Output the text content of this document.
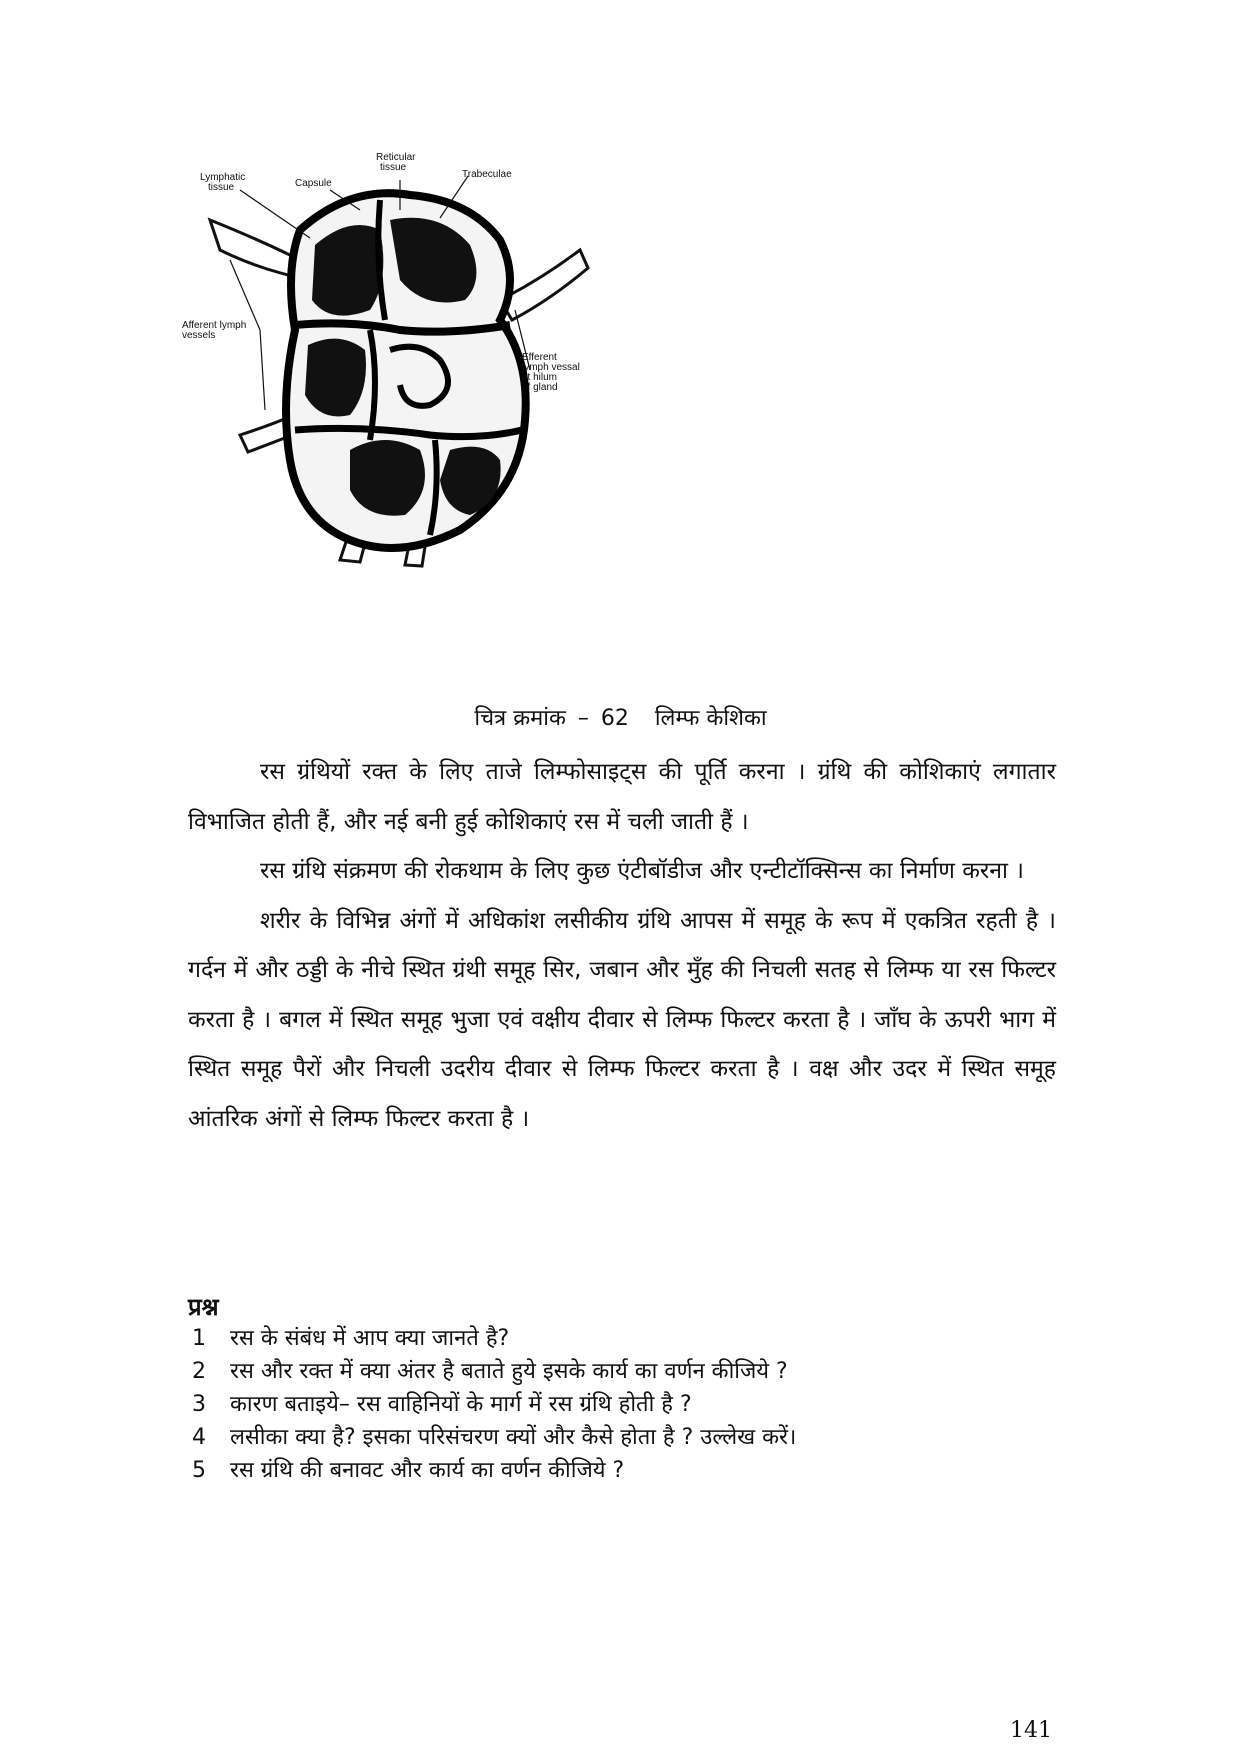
Lymphatic tissue	Capsule
Reticular tissue
Trabeculae
Afferent lymph vessels
Efferent lymph vessal at hilum of gland
चित्र क्रमांक – 62 लिम्फ केशिका

रस ग्रंथियों रक्त के लिए ताजे लिम्फोसाइट्स की पूर्ति करना । ग्रंथि की कोशिकाएं लगातार विभाजित होती हैं, और नई बनी हुई कोशिकाएं रस में चली जाती हैं ।

रस ग्रंथि संक्रमण की रोकथाम के लिए कुछ एंटीबॉडीज और एन्‍टीटॉक्सिन्स का निर्माण करना ।

शरीर के विभिन्न अंगों में अधिकांश लसीकीय ग्रंथि आपस में समूह के रूप में एकत्रित रहती है । गर्दन में और ठड्डी के नीचे स्थित ग्रंथी समूह सिर, जबान और मुँह की निचली सतह से लिम्फ या रस फिल्टर करता है । बगल में स्थित समूह भुजा एवं वक्षीय दीवार से लिम्फ फिल्टर करता है । जाँघ के ऊपरी भाग में स्थित समूह पैरों और निचली उदरीय दीवार से लिम्फ फिल्टर करता है । वक्ष और उदर में स्थित समूह आंतरिक अंगों से लिम्फ फिल्टर करता है ।

प्रश्न
1 रस के संबंध में आप क्या जानते है?
2 रस और रक्त में क्या अंतर है बताते हुये इसके कार्य का वर्णन कीजिये ?
3 कारण बताइये– रस वाहिनियों के मार्ग में रस ग्रंथि होती है ?
4 लसीका क्या है? इसका परिसंचरण क्यों और कैसे होता है ? उल्लेख करें।
5 रस ग्रंथि की बनावट और कार्य का वर्णन कीजिये ?
141
